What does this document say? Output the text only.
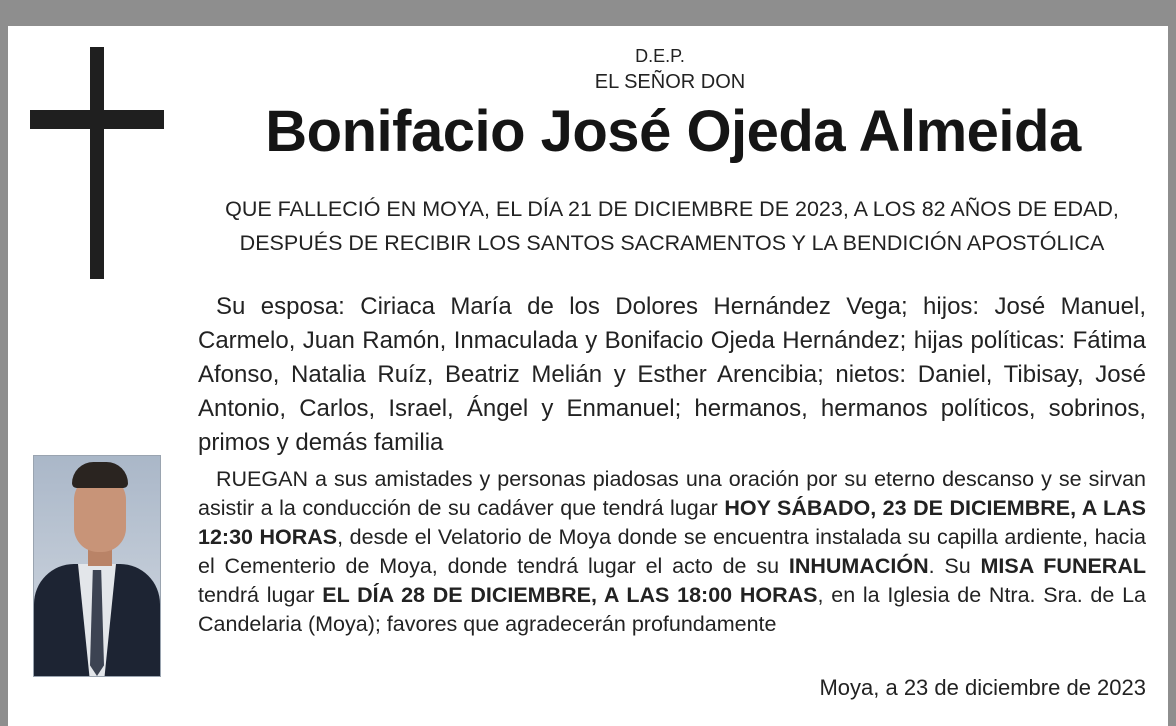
D.E.P.

EL SEÑOR DON

Bonifacio José Ojeda Almeida

QUE FALLECIÓ EN MOYA, EL DÍA 21 DE DICIEMBRE DE 2023, A LOS 82 AÑOS DE EDAD, DESPUÉS DE RECIBIR LOS SANTOS SACRAMENTOS Y LA BENDICIÓN APOSTÓLICA

Su esposa: Ciriaca María de los Dolores Hernández Vega; hijos: José Manuel, Carmelo, Juan Ramón, Inmaculada y Bonifacio Ojeda Hernández; hijas políticas: Fátima Afonso, Natalia Ruíz, Beatriz Melián y Esther Arencibia; nietos: Daniel, Tibisay, José Antonio, Carlos, Israel, Ángel y Enmanuel; hermanos, hermanos políticos, sobrinos, primos y demás familia

RUEGAN a sus amistades y personas piadosas una oración por su eterno descanso y se sirvan asistir a la conducción de su cadáver que tendrá lugar HOY SÁBADO, 23 DE DICIEMBRE, A LAS 12:30 HORAS, desde el Velatorio de Moya donde se encuentra instalada su capilla ardiente, hacia el Cementerio de Moya, donde tendrá lugar el acto de su INHUMACIÓN. Su MISA FUNERAL tendrá lugar EL DÍA 28 DE DICIEMBRE, A LAS 18:00 HORAS, en la Iglesia de Ntra. Sra. de La Candelaria (Moya); favores que agradecerán profundamente

Moya, a 23 de diciembre de 2023
